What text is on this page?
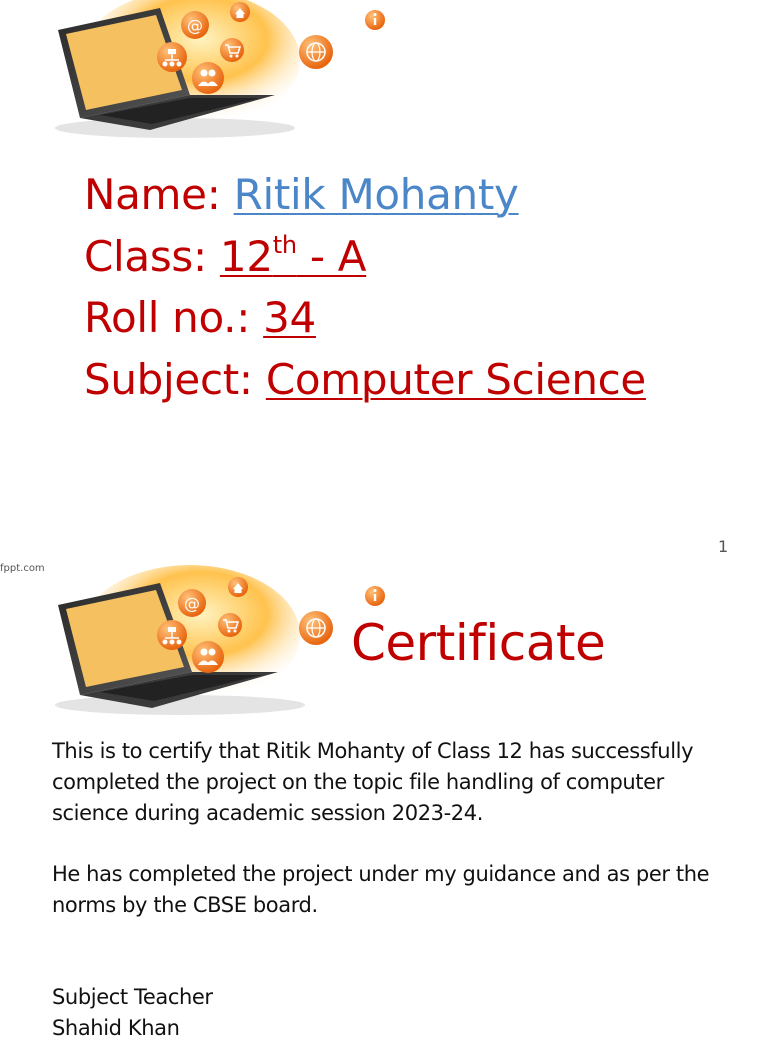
@
Name: Ritik Mohanty
Class: 12th - A
Roll no.: 34
Subject: Computer Science
1
fppt.com
@
Certificate

This is to certify that Ritik Mohanty of Class 12 has successfully completed the project on the topic file handling of computer science during academic session 2023-24.

He has completed the project under my guidance and as per the norms by the CBSE board.

Subject Teacher

Shahid Khan
